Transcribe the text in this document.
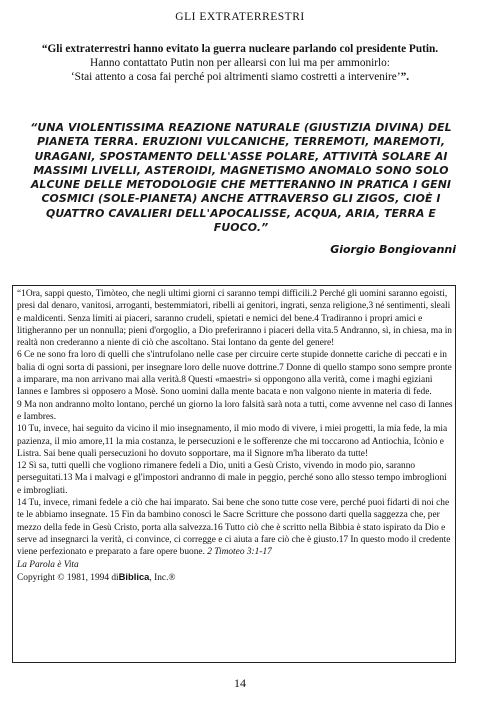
GLI EXTRATERRESTRI
“Gli extraterrestri hanno evitato la guerra nucleare parlando col presidente Putin.
Hanno contattato Putin non per allearsi con lui ma per ammonirlo:
‘Stai attento a cosa fai perché poi altrimenti siamo costretti a intervenire’”.
“UNA VIOLENTISSIMA REAZIONE NATURALE (GIUSTIZIA DIVINA) DEL PIANETA TERRA. ERUZIONI VULCANICHE, TERREMOTI, MAREMOTI, URAGANI, SPOSTAMENTO DELL'ASSE POLARE, ATTIVITÀ SOLARE AI MASSIMI LIVELLI, ASTEROIDI, MAGNETISMO ANOMALO SONO SOLO ALCUNE DELLE METODOLOGIE CHE METTERANNO IN PRATICA I GENI COSMICI (SOLE-PIANETA) ANCHE ATTRAVERSO GLI ZIGOS, CIOÈ I QUATTRO CAVALIERI DELL'APOCALISSE, ACQUA, ARIA, TERRA E FUOCO.”
Giorgio Bongiovanni
“1Ora, sappi questo, Timòteo, che negli ultimi giorni ci saranno tempi difficili.2 Perché gli uomini saranno egoisti, presi dal denaro, vanitosi, arroganti, bestemmiatori, ribelli ai genitori, ingrati, senza religione,3 né sentimenti, sleali e maldicenti. Senza limiti ai piaceri, saranno crudeli, spietati e nemici del bene.4 Tradiranno i propri amici e litigheranno per un nonnulla; pieni d'orgoglio, a Dio preferiranno i piaceri della vita.5 Andranno, sì, in chiesa, ma in realtà non crederanno a niente di ciò che ascoltano. Stai lontano da gente del genere!
6 Ce ne sono fra loro di quelli che s'intrufolano nelle case per circuire certe stupide donnette cariche di peccati e in balia di ogni sorta di passioni, per insegnare loro delle nuove dottrine.7 Donne di quello stampo sono sempre pronte a imparare, ma non arrivano mai alla verità.8 Questi «maestri» si oppongono alla verità, come i maghi egiziani Iannes e Iambres si opposero a Mosè. Sono uomini dalla mente bacata e non valgono niente in materia di fede.
9 Ma non andranno molto lontano, perché un giorno la loro falsità sarà nota a tutti, come avvenne nel caso di Iannes e Iambres.
10 Tu, invece, hai seguito da vicino il mio insegnamento, il mio modo di vivere, i miei progetti, la mia fede, la mia pazienza, il mio amore,11 la mia costanza, le persecuzioni e le sofferenze che mi toccarono ad Antiochia, Icònio e Listra. Sai bene quali persecuzioni ho dovuto sopportare, ma il Signore m'ha liberato da tutte!
12 Sì sa, tutti quelli che vogliono rimanere fedeli a Dio, uniti a Gesù Cristo, vivendo in modo pio, saranno perseguitati.13 Ma i malvagi e gl'impostori andranno di male in peggio, perché sono allo stesso tempo imbroglioni e imbrogliati.
14 Tu, invece, rimani fedele a ciò che hai imparato. Sai bene che sono tutte cose vere, perché puoi fidarti di noi che te le abbiamo insegnate. 15 Fin da bambino conosci le Sacre Scritture che possono darti quella saggezza che, per mezzo della fede in Gesù Cristo, porta alla salvezza.16 Tutto ciò che è scritto nella Bibbia è stato ispirato da Dio e serve ad insegnarci la verità, ci convince, ci corregge e ci aiuta a fare ciò che è giusto.17 In questo modo il credente viene perfezionato e preparato a fare opere buone. 2 Timoteo 3:1-17
La Parola è Vita
Copyright © 1981, 1994 diBiblica, Inc.®
14
